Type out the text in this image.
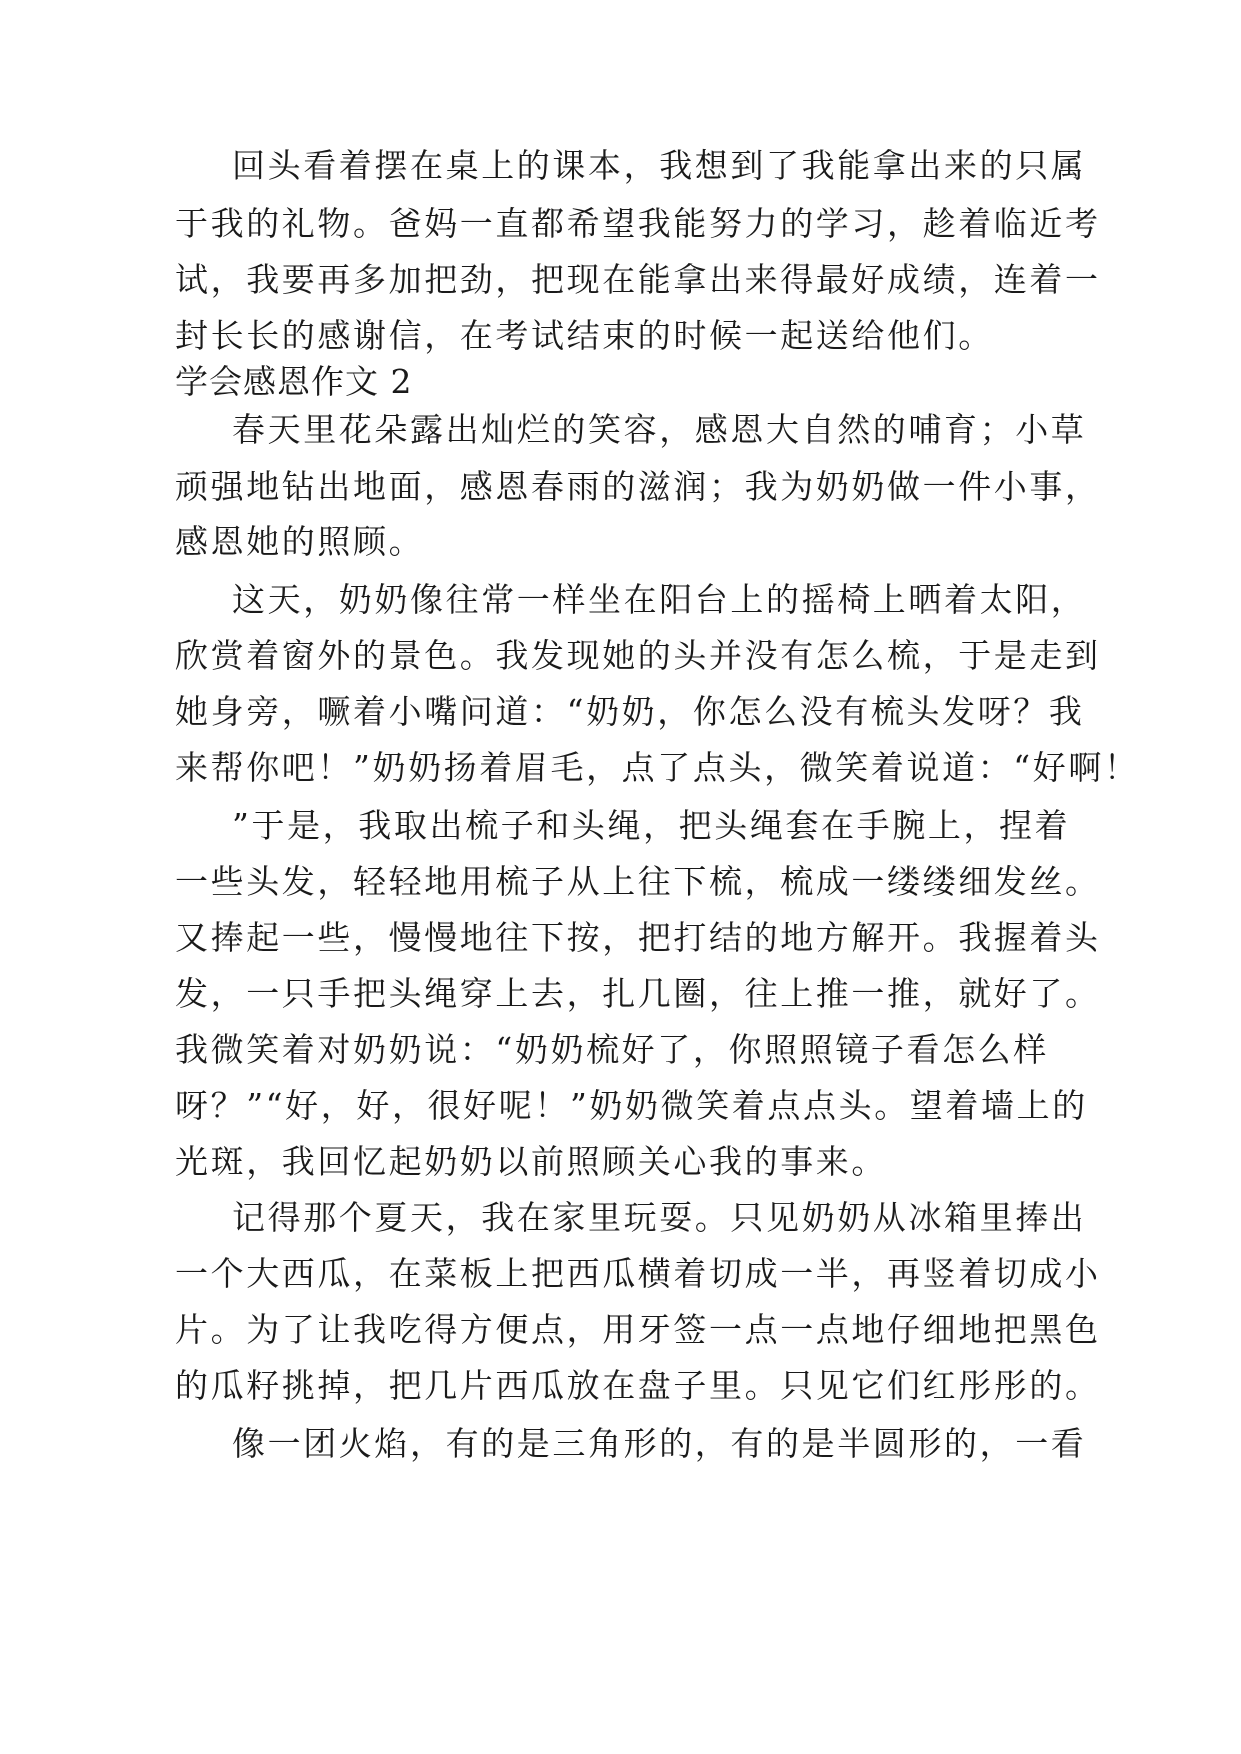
回头看着摆在桌上的课本，我想到了我能拿出来的只属
于我的礼物。爸妈一直都希望我能努力的学习，趁着临近考
试，我要再多加把劲，把现在能拿出来得最好成绩，连着一
封长长的感谢信，在考试结束的时候一起送给他们。
学会感恩作文 2
春天里花朵露出灿烂的笑容，感恩大自然的哺育；小草
顽强地钻出地面，感恩春雨的滋润；我为奶奶做一件小事，
感恩她的照顾。
这天，奶奶像往常一样坐在阳台上的摇椅上晒着太阳，
欣赏着窗外的景色。我发现她的头并没有怎么梳，于是走到
她身旁，噘着小嘴问道：“奶奶，你怎么没有梳头发呀？我
来帮你吧！”奶奶扬着眉毛，点了点头，微笑着说道：“好啊！
”于是，我取出梳子和头绳，把头绳套在手腕上，捏着
一些头发，轻轻地用梳子从上往下梳，梳成一缕缕细发丝。
又捧起一些，慢慢地往下按，把打结的地方解开。我握着头
发，一只手把头绳穿上去，扎几圈，往上推一推，就好了。
我微笑着对奶奶说：“奶奶梳好了，你照照镜子看怎么样
呀？”“好，好，很好呢！”奶奶微笑着点点头。望着墙上的
光斑，我回忆起奶奶以前照顾关心我的事来。
记得那个夏天，我在家里玩耍。只见奶奶从冰箱里捧出
一个大西瓜，在菜板上把西瓜横着切成一半，再竖着切成小
片。为了让我吃得方便点，用牙签一点一点地仔细地把黑色
的瓜籽挑掉，把几片西瓜放在盘子里。只见它们红彤彤的。
像一团火焰，有的是三角形的，有的是半圆形的，一看
